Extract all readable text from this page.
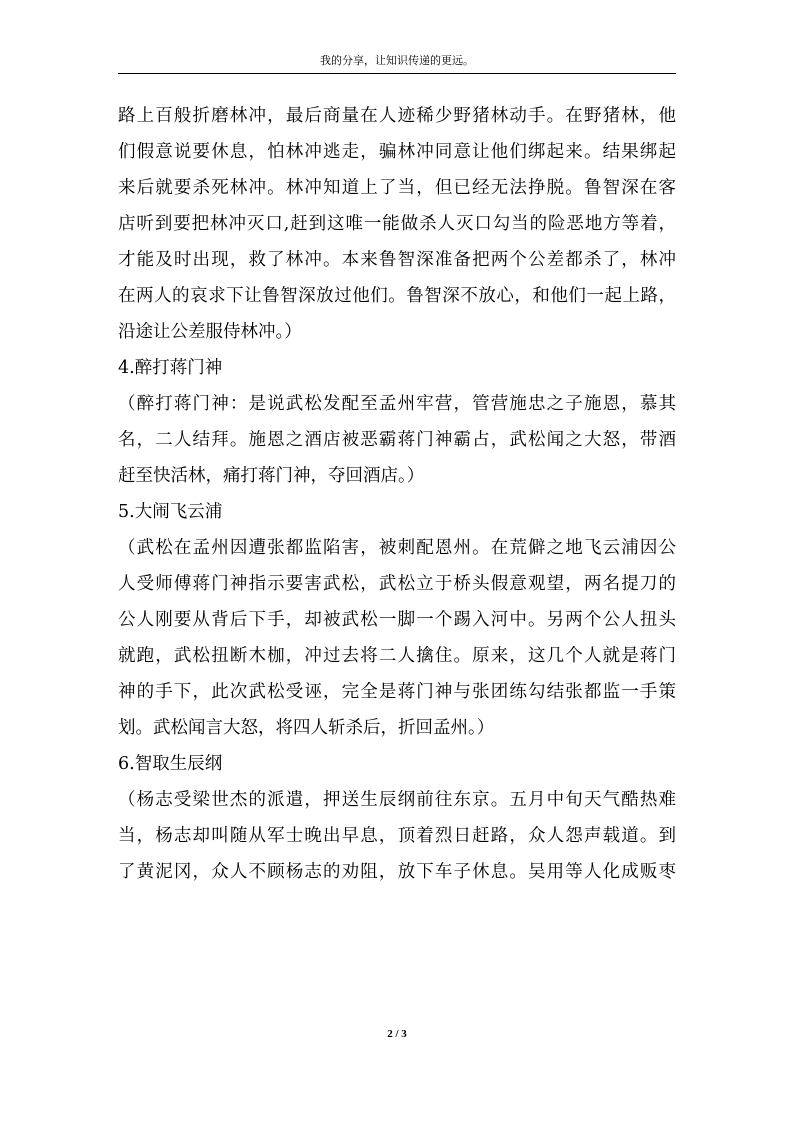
我的分享，让知识传递的更远。
路上百般折磨林冲，最后商量在人迹稀少野猪林动手。在野猪林，他
们假意说要休息，怕林冲逃走，骗林冲同意让他们绑起来。结果绑起
来后就要杀死林冲。林冲知道上了当，但已经无法挣脱。鲁智深在客
店听到要把林冲灭口,赶到这唯一能做杀人灭口勾当的险恶地方等着，
才能及时出现，救了林冲。本来鲁智深准备把两个公差都杀了，林冲
在两人的哀求下让鲁智深放过他们。鲁智深不放心，和他们一起上路，
沿途让公差服侍林冲。）
4.醉打蒋门神
（醉打蒋门神：是说武松发配至孟州牢营，管营施忠之子施恩，慕其
名，二人结拜。施恩之酒店被恶霸蒋门神霸占，武松闻之大怒，带酒
赶至快活林，痛打蒋门神，夺回酒店。）
5.大闹飞云浦
（武松在孟州因遭张都监陷害，被刺配恩州。在荒僻之地飞云浦因公
人受师傅蒋门神指示要害武松，武松立于桥头假意观望，两名提刀的
公人刚要从背后下手，却被武松一脚一个踢入河中。另两个公人扭头
就跑，武松扭断木枷，冲过去将二人擒住。原来，这几个人就是蒋门
神的手下，此次武松受诬，完全是蒋门神与张团练勾结张都监一手策
划。武松闻言大怒，将四人斩杀后，折回孟州。）
6.智取生辰纲
（杨志受梁世杰的派遣，押送生辰纲前往东京。五月中旬天气酷热难
当，杨志却叫随从军士晚出早息，顶着烈日赶路，众人怨声载道。到
了黄泥冈，众人不顾杨志的劝阻，放下车子休息。吴用等人化成贩枣
2 / 3
